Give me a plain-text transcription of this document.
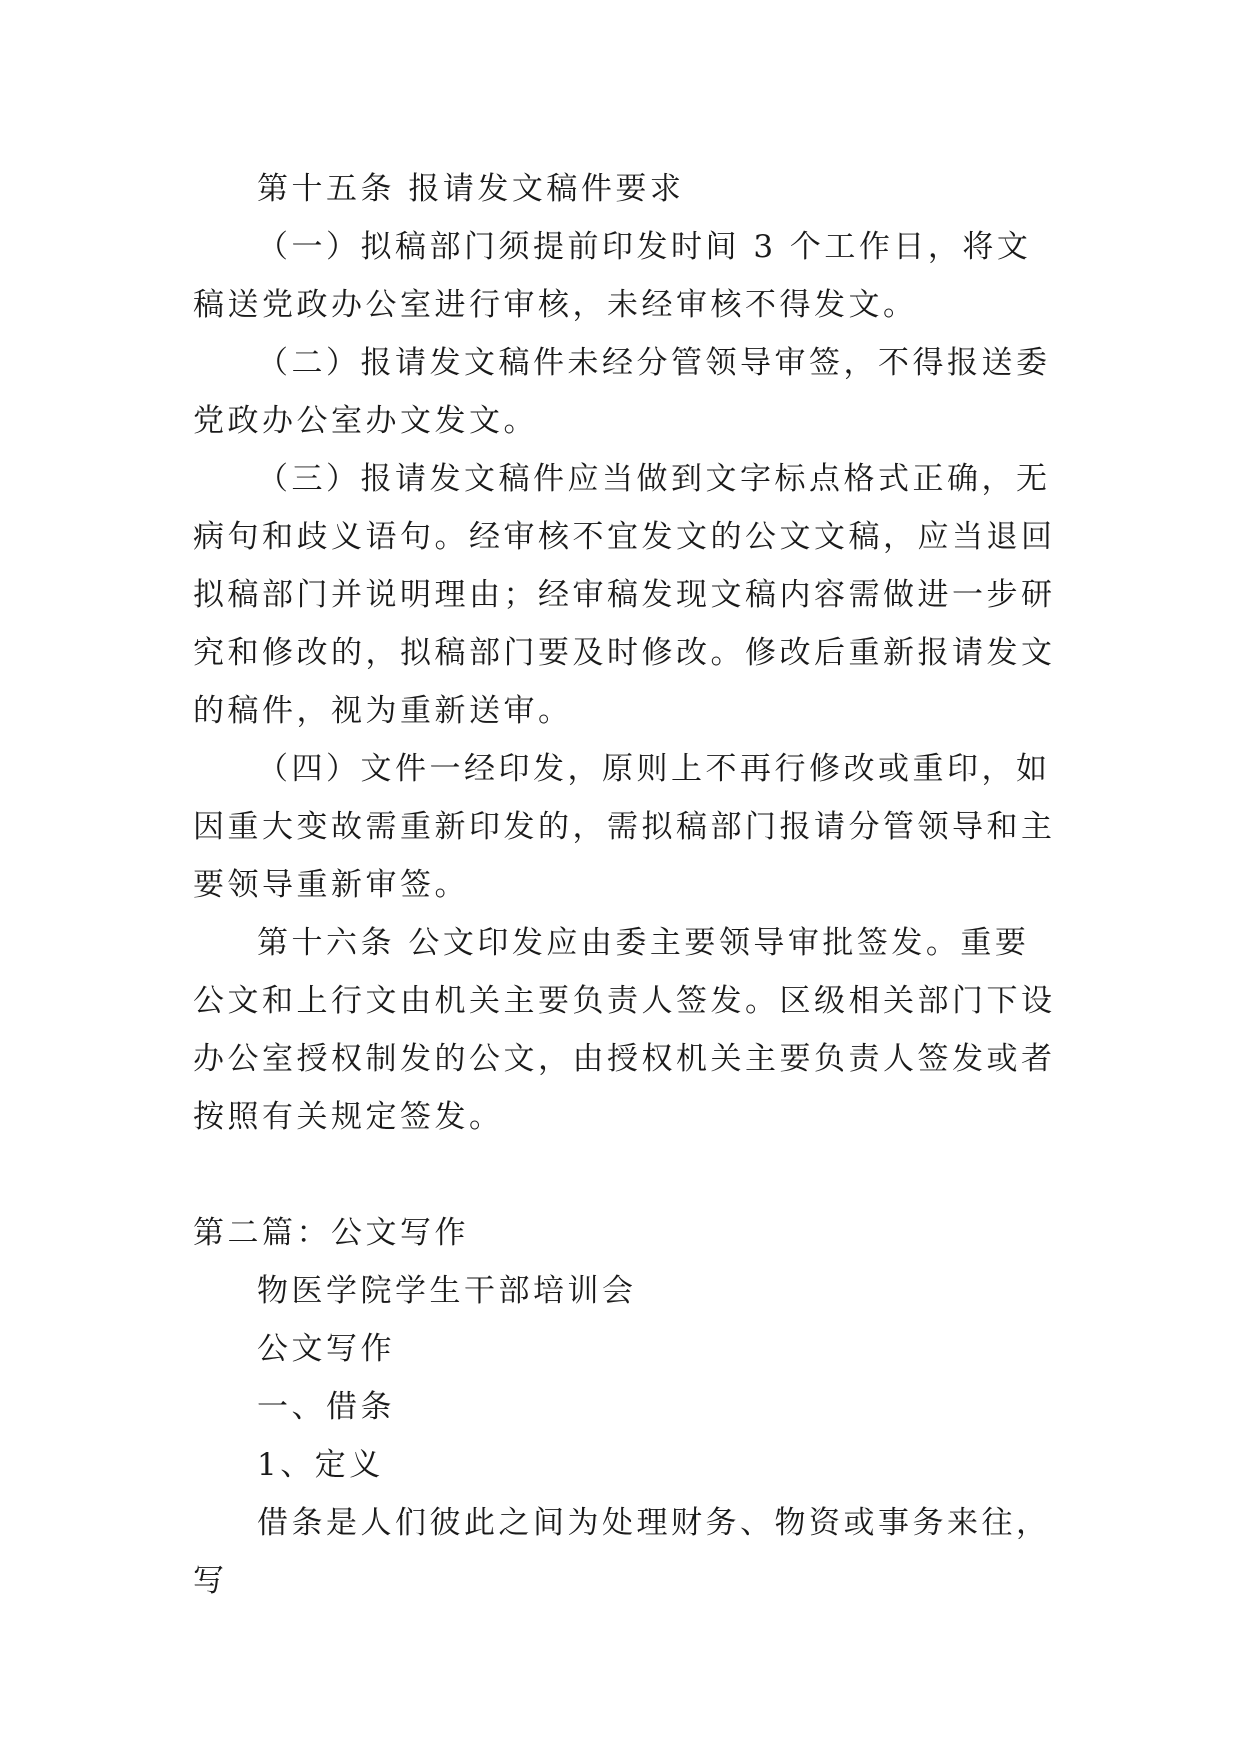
第十五条 报请发文稿件要求

（一）拟稿部门须提前印发时间 3 个工作日，将文稿送党政办公室进行审核，未经审核不得发文。

（二）报请发文稿件未经分管领导审签，不得报送委党政办公室办文发文。

（三）报请发文稿件应当做到文字标点格式正确，无病句和歧义语句。经审核不宜发文的公文文稿，应当退回拟稿部门并说明理由；经审稿发现文稿内容需做进一步研究和修改的，拟稿部门要及时修改。修改后重新报请发文的稿件，视为重新送审。

（四）文件一经印发，原则上不再行修改或重印，如因重大变故需重新印发的，需拟稿部门报请分管领导和主要领导重新审签。

第十六条 公文印发应由委主要领导审批签发。重要公文和上行文由机关主要负责人签发。区级相关部门下设办公室授权制发的公文，由授权机关主要负责人签发或者按照有关规定签发。

第二篇：公文写作

物医学院学生干部培训会

公文写作

一、借条

1、定义

借条是人们彼此之间为处理财务、物资或事务来往，写
